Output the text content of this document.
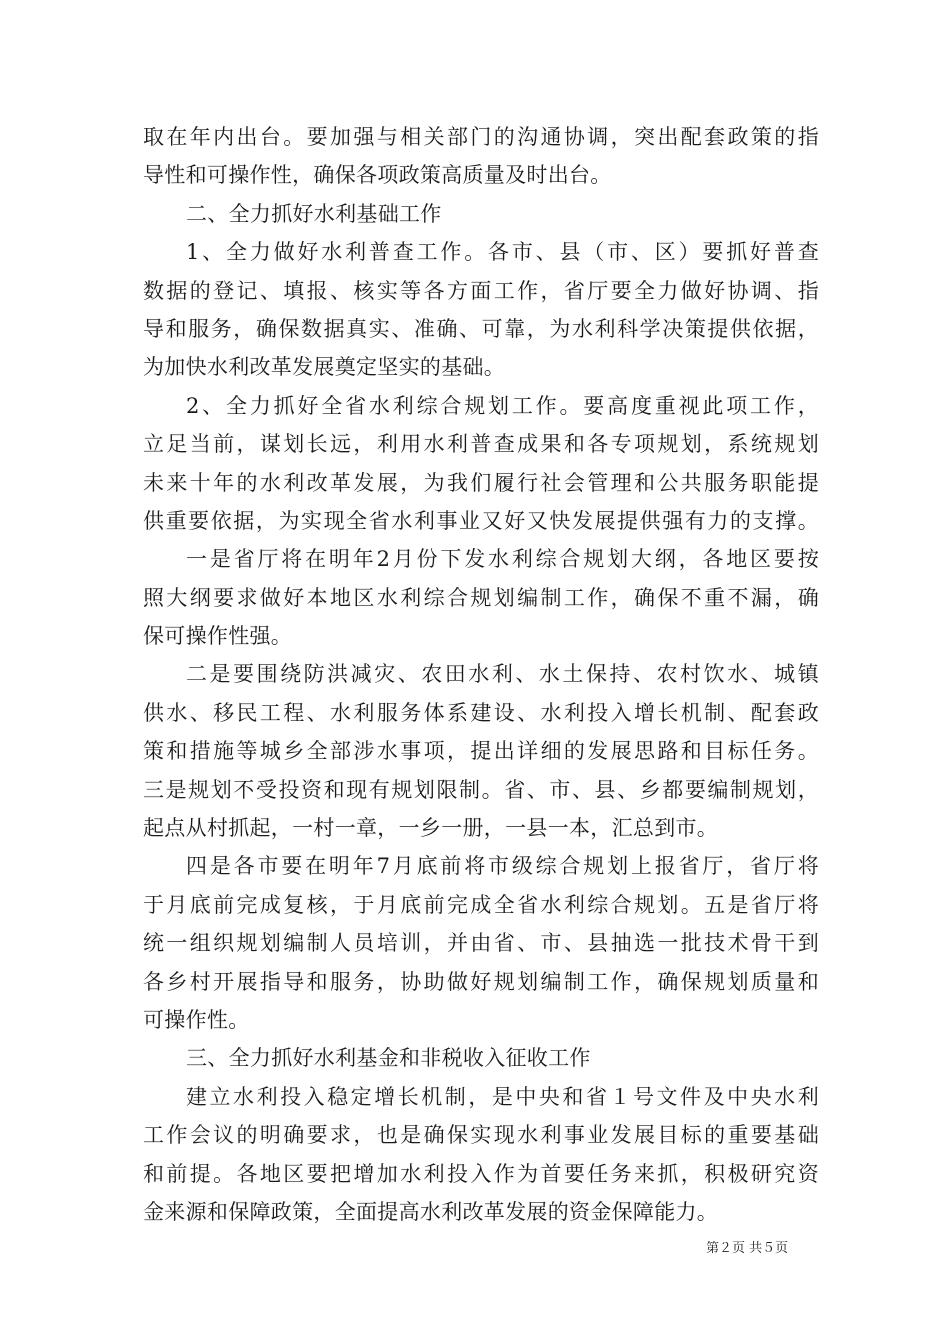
取在年内出台。要加强与相关部门的沟通协调，突出配套政策的指
导性和可操作性，确保各项政策高质量及时出台。
二、全力抓好水利基础工作
1、全力做好水利普查工作。各市、县（市、区）要抓好普查
数据的登记、填报、核实等各方面工作，省厅要全力做好协调、指
导和服务，确保数据真实、准确、可靠，为水利科学决策提供依据，
为加快水利改革发展奠定坚实的基础。
2、全力抓好全省水利综合规划工作。要高度重视此项工作，
立足当前，谋划长远，利用水利普查成果和各专项规划，系统规划
未来十年的水利改革发展，为我们履行社会管理和公共服务职能提
供重要依据，为实现全省水利事业又好又快发展提供强有力的支撑。
一是省厅将在明年2月份下发水利综合规划大纲，各地区要按
照大纲要求做好本地区水利综合规划编制工作，确保不重不漏，确
保可操作性强。
二是要围绕防洪减灾、农田水利、水土保持、农村饮水、城镇
供水、移民工程、水利服务体系建设、水利投入增长机制、配套政
策和措施等城乡全部涉水事项，提出详细的发展思路和目标任务。
三是规划不受投资和现有规划限制。省、市、县、乡都要编制规划，
起点从村抓起，一村一章，一乡一册，一县一本，汇总到市。
四是各市要在明年7月底前将市级综合规划上报省厅，省厅将
于月底前完成复核，于月底前完成全省水利综合规划。五是省厅将
统一组织规划编制人员培训，并由省、市、县抽选一批技术骨干到
各乡村开展指导和服务，协助做好规划编制工作，确保规划质量和
可操作性。
三、全力抓好水利基金和非税收入征收工作
建立水利投入稳定增长机制，是中央和省１号文件及中央水利
工作会议的明确要求，也是确保实现水利事业发展目标的重要基础
和前提。各地区要把增加水利投入作为首要任务来抓，积极研究资
金来源和保障政策，全面提高水利改革发展的资金保障能力。
第２页 共５页
